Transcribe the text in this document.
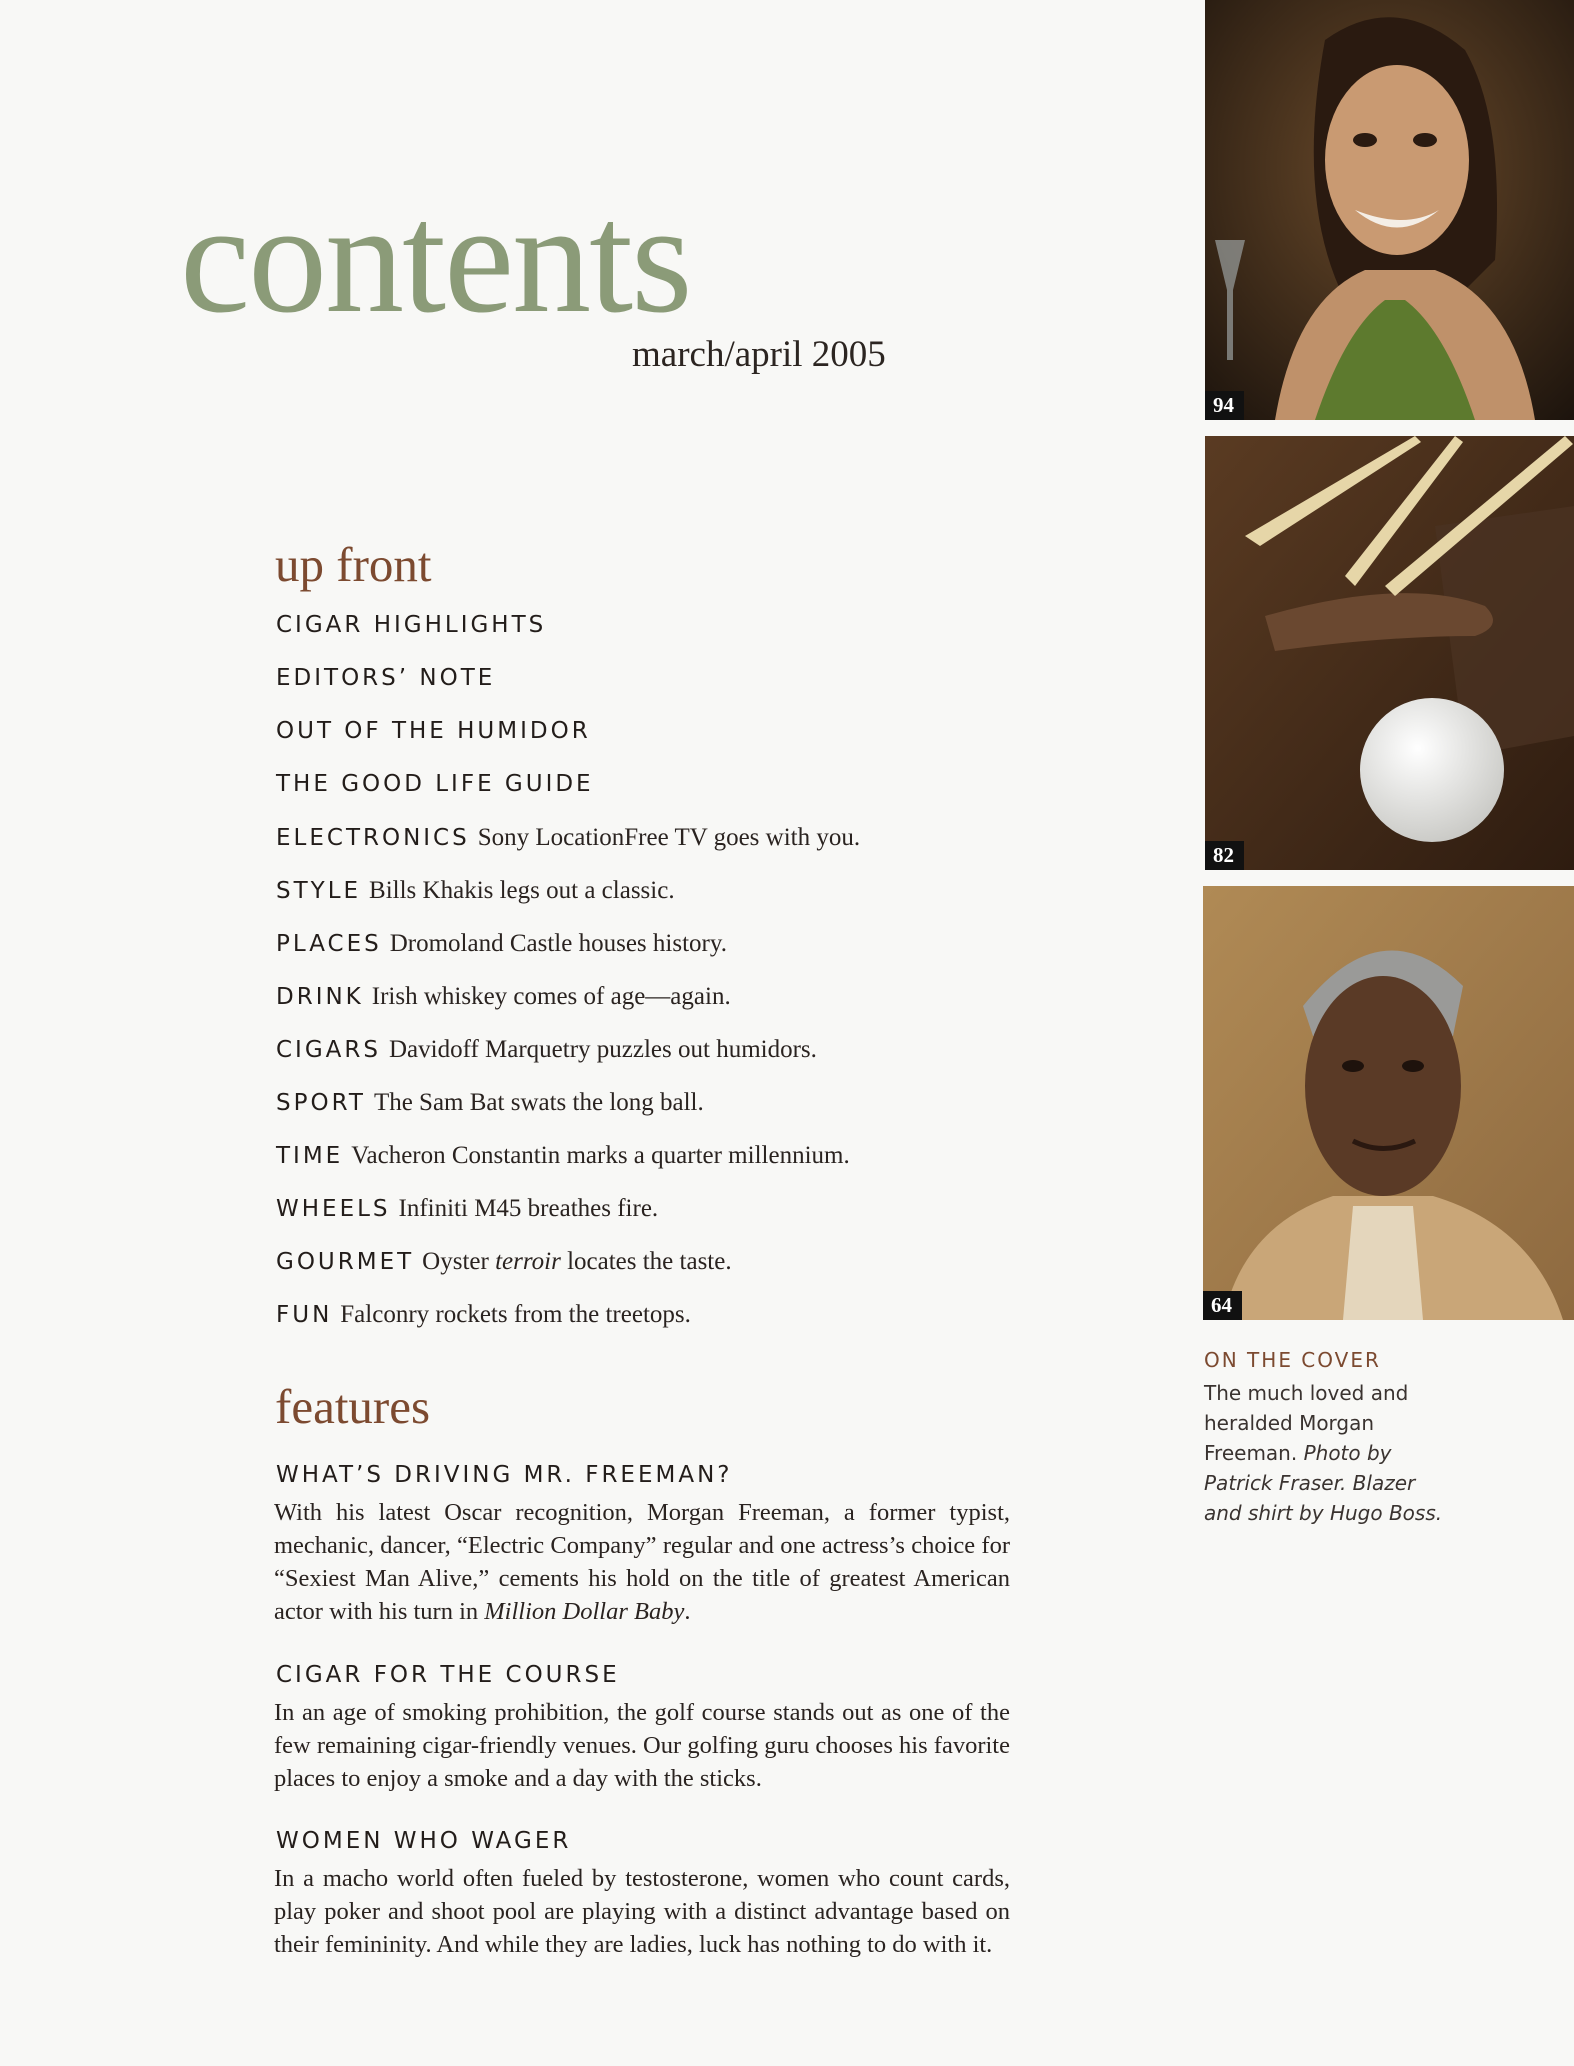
contents
march/april 2005
up front
CIGAR HIGHLIGHTS
EDITORS’ NOTE
OUT OF THE HUMIDOR
THE GOOD LIFE GUIDE
ELECTRONICS Sony LocationFree TV goes with you.
STYLE Bills Khakis legs out a classic.
PLACES Dromoland Castle houses history.
DRINK Irish whiskey comes of age—again.
CIGARS Davidoff Marquetry puzzles out humidors.
SPORT The Sam Bat swats the long ball.
TIME Vacheron Constantin marks a quarter millennium.
WHEELS Infiniti M45 breathes fire.
GOURMET Oyster terroir locates the taste.
FUN Falconry rockets from the treetops.
features
WHAT’S DRIVING MR. FREEMAN?
With his latest Oscar recognition, Morgan Freeman, a former typist, mechanic, dancer, “Electric Company” regular and one actress’s choice for “Sexiest Man Alive,” cements his hold on the title of greatest American actor with his turn in Million Dollar Baby.
CIGAR FOR THE COURSE
In an age of smoking prohibition, the golf course stands out as one of the few remaining cigar-friendly venues. Our golfing guru chooses his favorite places to enjoy a smoke and a day with the sticks.
WOMEN WHO WAGER
In a macho world often fueled by testosterone, women who count cards, play poker and shoot pool are playing with a distinct advantage based on their femininity. And while they are ladies, luck has nothing to do with it.
94
82
64
ON THE COVER
The much loved and heralded Morgan Freeman. Photo by Patrick Fraser. Blazer and shirt by Hugo Boss.
